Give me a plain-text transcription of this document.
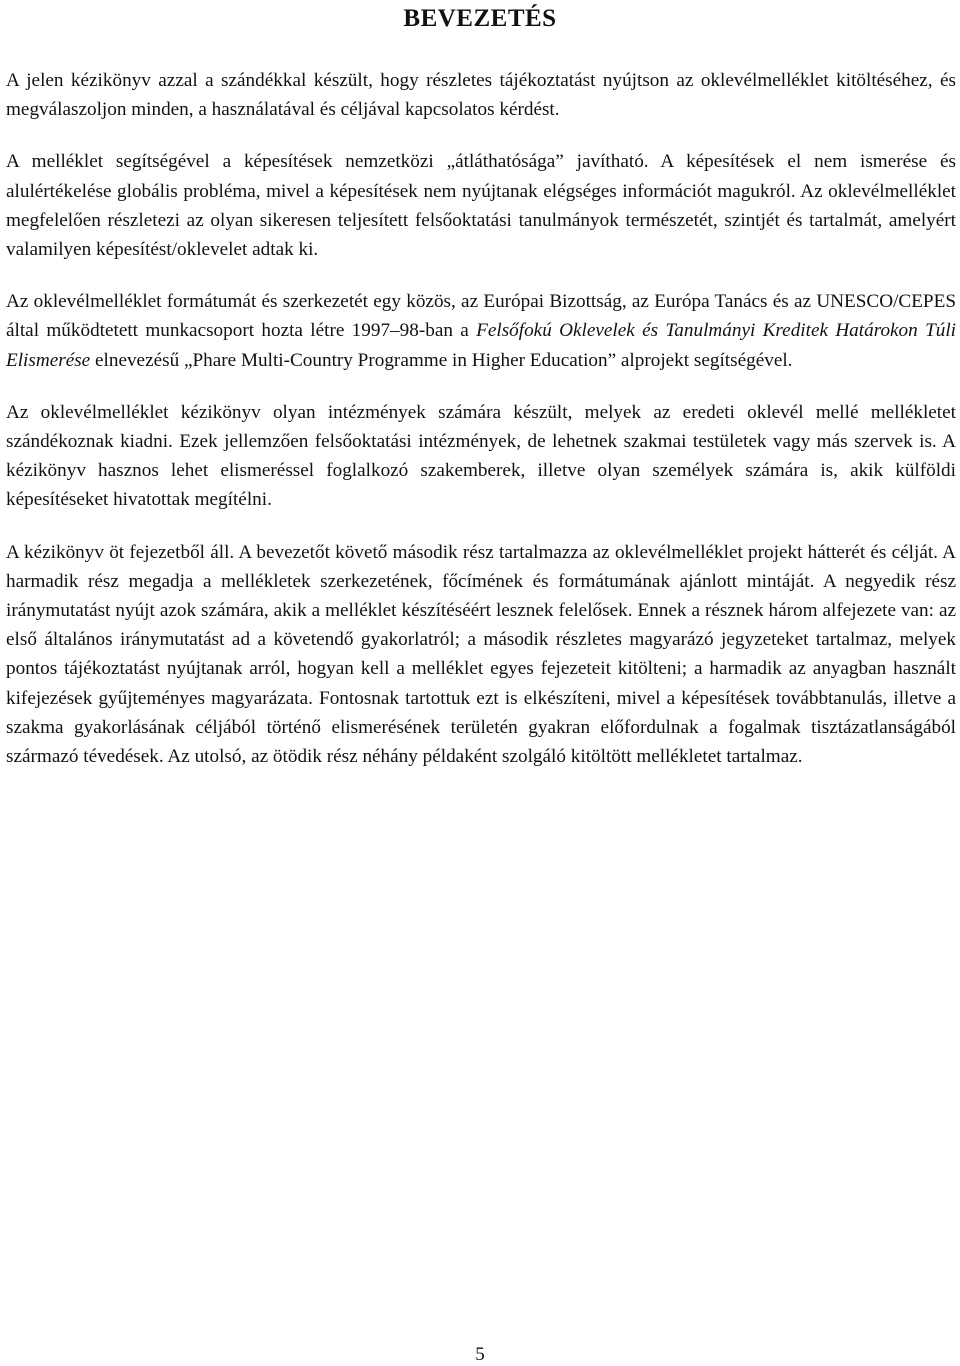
BEVEZETÉS

A jelen kézikönyv azzal a szándékkal készült, hogy részletes tájékoztatást nyújtson az oklevélmelléklet kitöltéséhez, és megválaszoljon minden, a használatával és céljával kapcsolatos kérdést.

A melléklet segítségével a képesítések nemzetközi „átláthatósága” javítható. A képesítések el nem ismerése és alulértékelése globális probléma, mivel a képesítések nem nyújtanak elégséges információt magukról. Az oklevélmelléklet megfelelően részletezi az olyan sikeresen teljesített felsőoktatási tanulmányok természetét, szintjét és tartalmát, amelyért valamilyen képesítést/oklevelet adtak ki.

Az oklevélmelléklet formátumát és szerkezetét egy közös, az Európai Bizottság, az Európa Tanács és az UNESCO/CEPES által működtetett munkacsoport hozta létre 1997–98-ban a Felsőfokú Oklevelek és Tanulmányi Kreditek Határokon Túli Elismerése elnevezésű „Phare Multi-Country Programme in Higher Education” alprojekt segítségével.

Az oklevélmelléklet kézikönyv olyan intézmények számára készült, melyek az eredeti oklevél mellé mellékletet szándékoznak kiadni. Ezek jellemzően felsőoktatási intézmények, de lehetnek szakmai testületek vagy más szervek is. A kézikönyv hasznos lehet elismeréssel foglalkozó szakemberek, illetve olyan személyek számára is, akik külföldi képesítéseket hivatottak megítélni.

A kézikönyv öt fejezetből áll. A bevezetőt követő második rész tartalmazza az oklevélmelléklet projekt hátterét és célját. A harmadik rész megadja a mellékletek szerkezetének, főcímének és formátumának ajánlott mintáját. A negyedik rész iránymutatást nyújt azok számára, akik a melléklet készítéséért lesznek felelősek. Ennek a résznek három alfejezete van: az első általános iránymutatást ad a követendő gyakorlatról; a második részletes magyarázó jegyzeteket tartalmaz, melyek pontos tájékoztatást nyújtanak arról, hogyan kell a melléklet egyes fejezeteit kitölteni; a harmadik az anyagban használt kifejezések gyűjteményes magyarázata. Fontosnak tartottuk ezt is elkészíteni, mivel a képesítések továbbtanulás, illetve a szakma gyakorlásának céljából történő elismerésének területén gyakran előfordulnak a fogalmak tisztázatlanságából származó tévedések. Az utolsó, az ötödik rész néhány példaként szolgáló kitöltött mellékletet tartalmaz.

5
